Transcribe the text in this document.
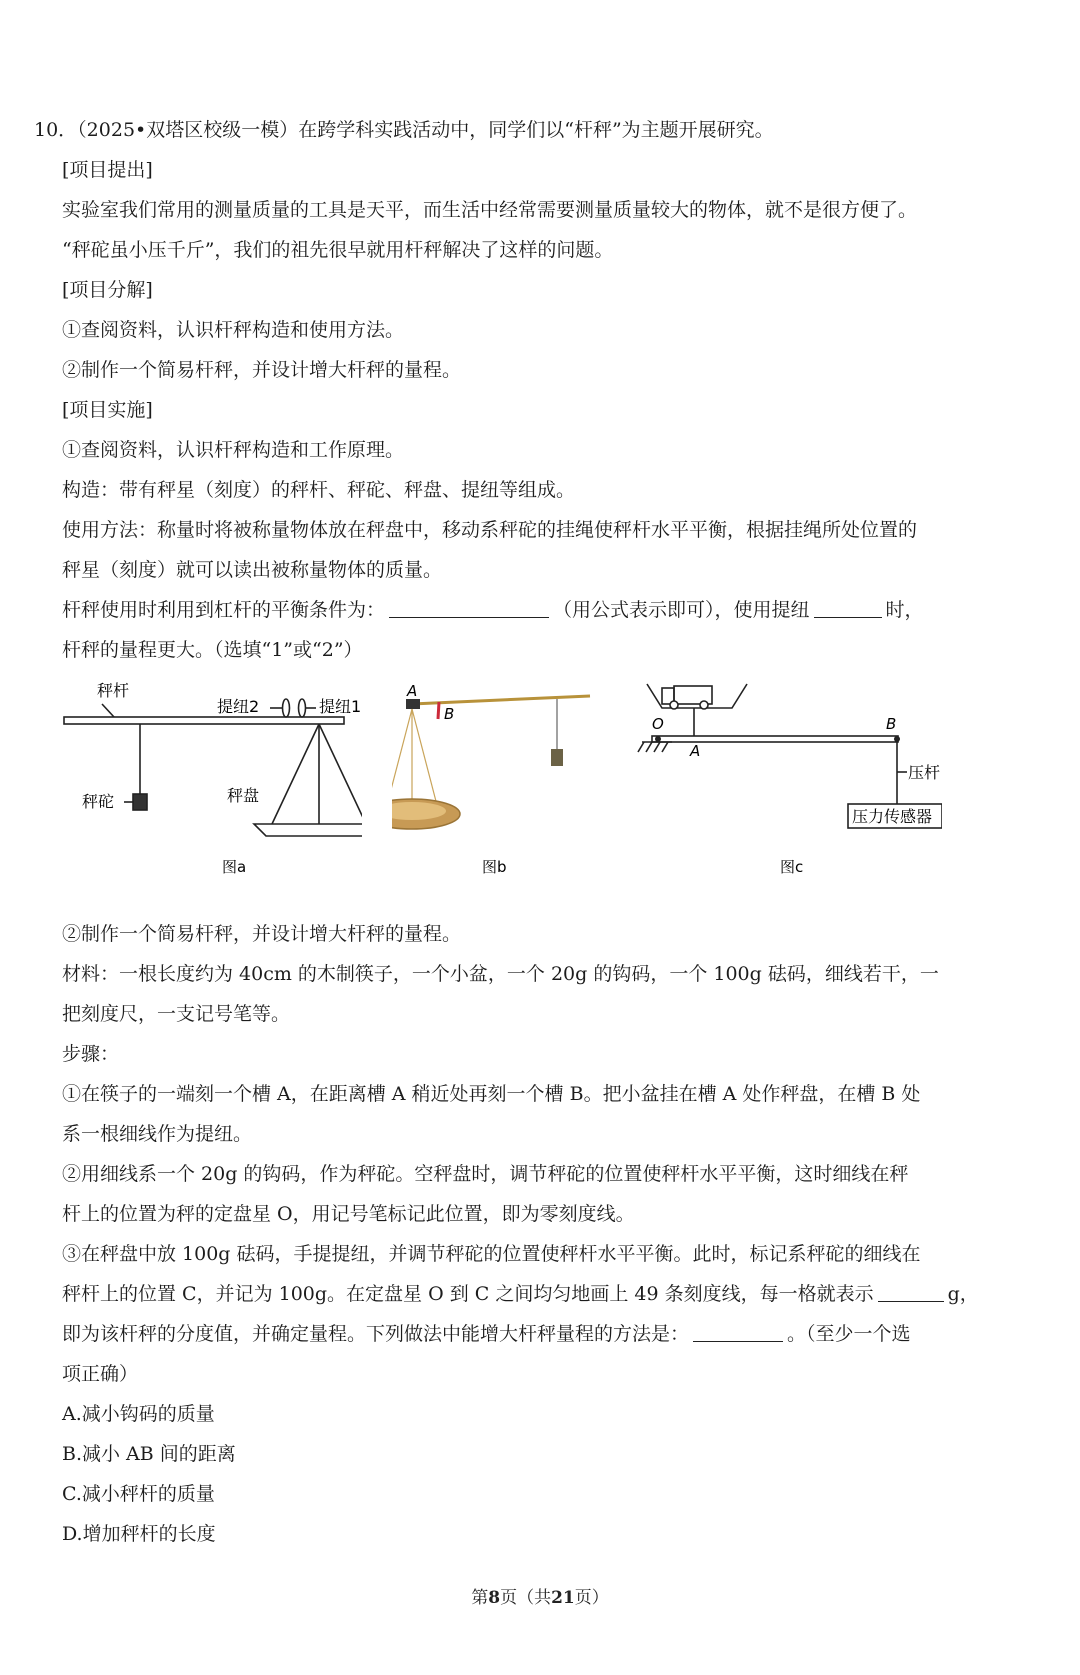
10．（2025•双塔区校级一模）在跨学科实践活动中，同学们以“杆秤”为主题开展研究。
[项目提出]
实验室我们常用的测量质量的工具是天平，而生活中经常需要测量质量较大的物体，就不是很方便了。
“秤砣虽小压千斤”，我们的祖先很早就用杆秤解决了这样的问题。
[项目分解]
①查阅资料，认识杆秤构造和使用方法。
②制作一个简易杆秤，并设计增大杆秤的量程。
[项目实施]
①查阅资料，认识杆秤构造和工作原理。
构造：带有秤星（刻度）的秤杆、秤砣、秤盘、提纽等组成。
使用方法：称量时将被称量物体放在秤盘中，移动系秤砣的挂绳使秤杆水平平衡，根据挂绳所处位置的
秤星（刻度）就可以读出被称量物体的质量。
杆秤使用时利用到杠杆的平衡条件为：	（用公式表示即可），使用提纽	时，
杆秤的量程更大。（选填“1”或“2”）
秤杆
提纽2	提纽1
秤砣	秤盘
图a
A
B
图b
O
A
B
压杆
压力传感器
图c
②制作一个简易杆秤，并设计增大杆秤的量程。
材料：一根长度约为 40cm 的木制筷子，一个小盆，一个 20g 的钩码，一个 100g 砝码，细线若干，一
把刻度尺，一支记号笔等。
步骤：
①在筷子的一端刻一个槽 A，在距离槽 A 稍近处再刻一个槽 B。把小盆挂在槽 A 处作秤盘，在槽 B 处
系一根细线作为提纽。
②用细线系一个 20g 的钩码，作为秤砣。空秤盘时，调节秤砣的位置使秤杆水平平衡，这时细线在秤
杆上的位置为秤的定盘星 O，用记号笔标记此位置，即为零刻度线。
③在秤盘中放 100g 砝码，手提提纽，并调节秤砣的位置使秤杆水平平衡。此时，标记系秤砣的细线在
秤杆上的位置 C，并记为 100g。在定盘星 O 到 C 之间均匀地画上 49 条刻度线，每一格就表示	g，
即为该杆秤的分度值，并确定量程。下列做法中能增大杆秤量程的方法是：	。（至少一个选
项正确）
A.减小钩码的质量
B.减小 AB 间的距离
C.减小秤杆的质量
D.增加秤杆的长度
第8页（共21页）
